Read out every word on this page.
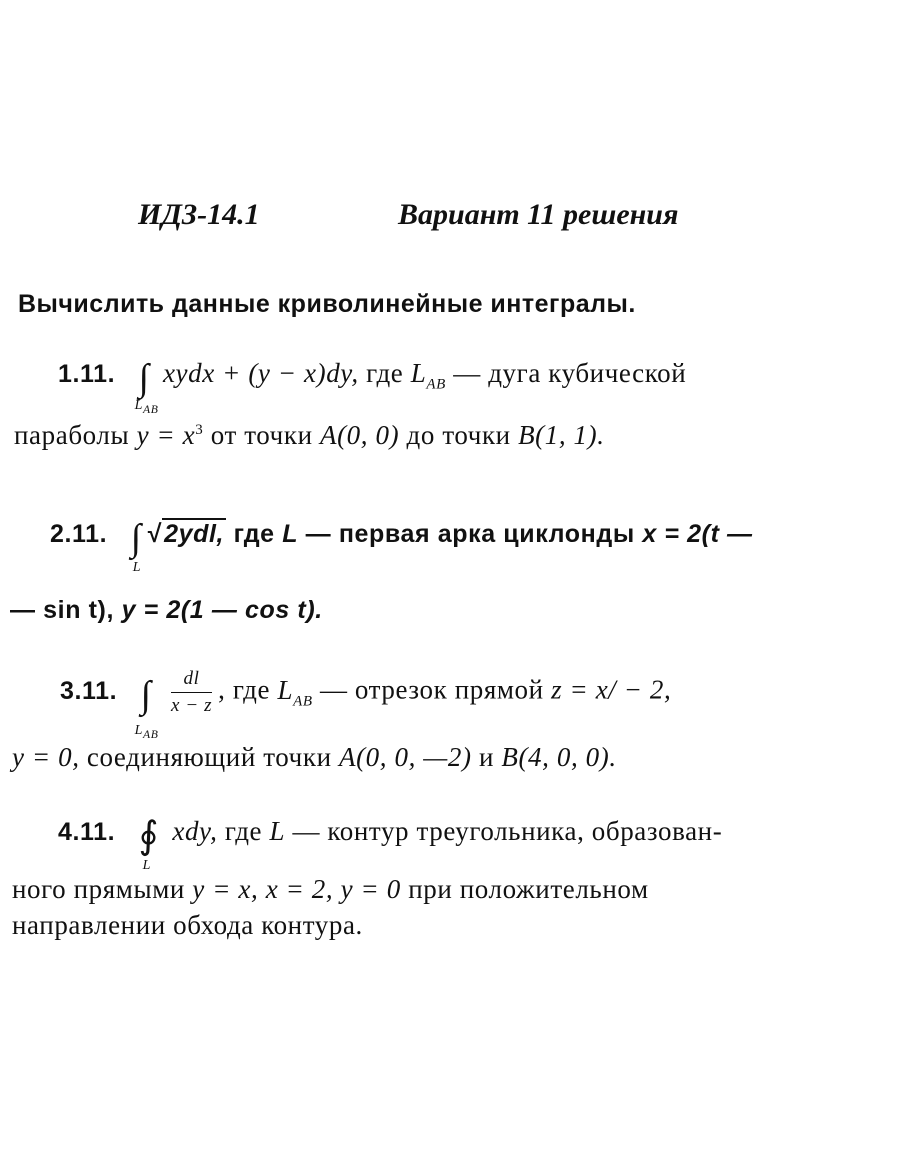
ИДЗ-14.1	Вариант 11 решения
Вычислить данные криволинейные интегралы.
1.11. ∫
$L_{AB}$
xydx + (y − x)dy, где $L_{AB}$ — дуга кубической
параболы $y = x^3$ от точки A(0, 0) до точки B(1, 1).
2.11. ∫
L
√2ydl, где L — первая арка циклонды x = 2(t —
— sin t), y = 2(1 — cos t).
3.11. ∫
$L_{AB}$

$\frac{dl}{x - z}$ , где $L_{AB}$ — отрезок прямой z = x/ − 2,
y = 0, соединяющий точки A(0, 0, —2) и B(4, 0, 0).
4.11. ∮
L
xdy, где L — контур треугольника, образован-
ного прямыми y = x, x = 2, y = 0 при положительном
направлении обхода контура.
